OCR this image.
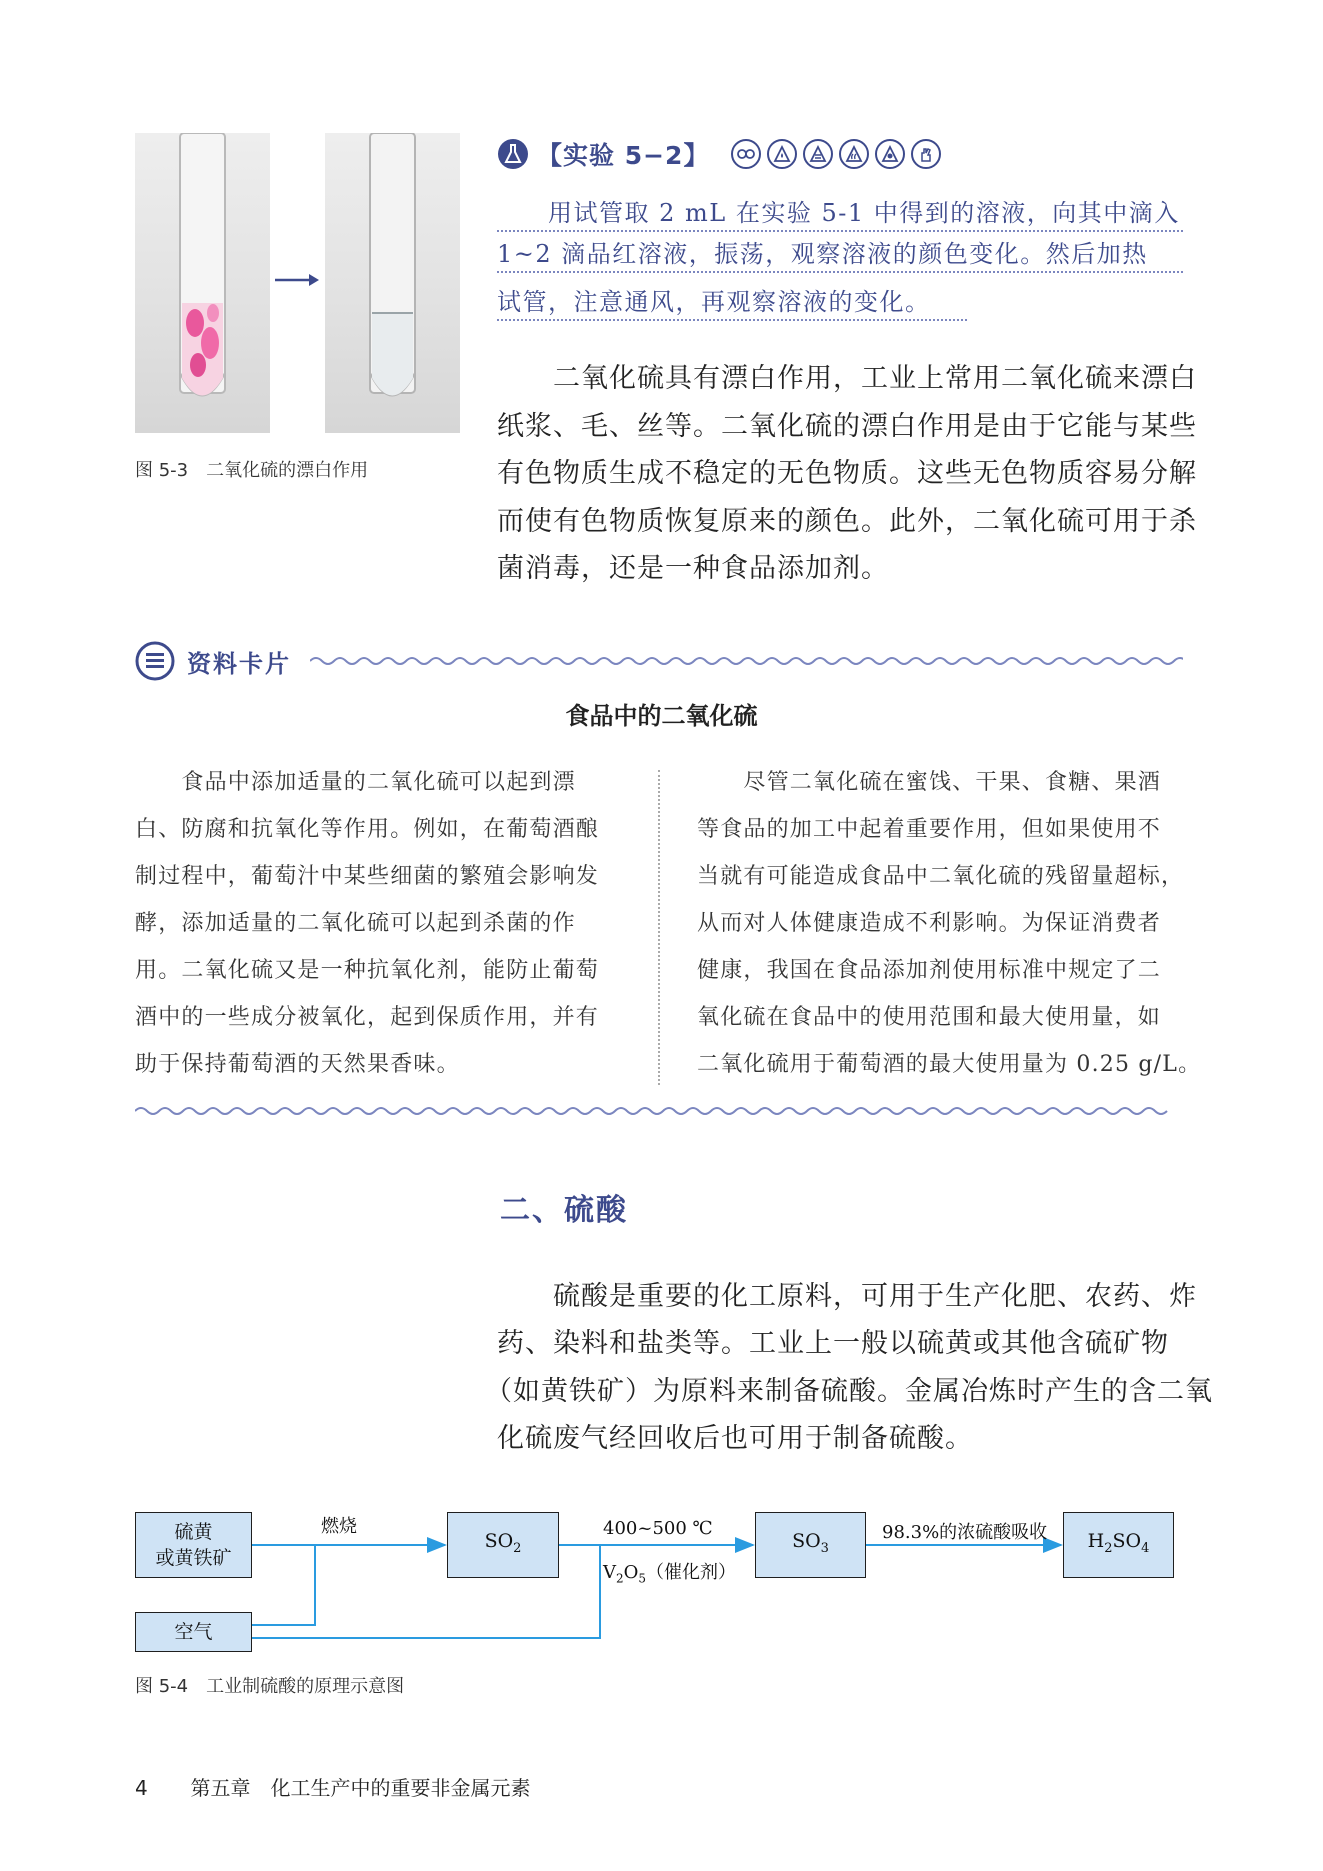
图 5-3　二氧化硫的漂白作用
【实验 5−2】
　　用试管取 2 mL 在实验 5-1 中得到的溶液，向其中滴入
1~2 滴品红溶液，振荡，观察溶液的颜色变化。然后加热
试管，注意通风，再观察溶液的变化。
　　二氧化硫具有漂白作用，工业上常用二氧化硫来漂白
纸浆、毛、丝等。二氧化硫的漂白作用是由于它能与某些
有色物质生成不稳定的无色物质。这些无色物质容易分解
而使有色物质恢复原来的颜色。此外，二氧化硫可用于杀
菌消毒，还是一种食品添加剂。
资料卡片
食品中的二氧化硫
　　食品中添加适量的二氧化硫可以起到漂
白、防腐和抗氧化等作用。例如，在葡萄酒酿
制过程中，葡萄汁中某些细菌的繁殖会影响发
酵，添加适量的二氧化硫可以起到杀菌的作
用。二氧化硫又是一种抗氧化剂，能防止葡萄
酒中的一些成分被氧化，起到保质作用，并有
助于保持葡萄酒的天然果香味。
　　尽管二氧化硫在蜜饯、干果、食糖、果酒
等食品的加工中起着重要作用，但如果使用不
当就有可能造成食品中二氧化硫的残留量超标，
从而对人体健康造成不利影响。为保证消费者
健康，我国在食品添加剂使用标准中规定了二
氧化硫在食品中的使用范围和最大使用量，如
二氧化硫用于葡萄酒的最大使用量为 0.25 g/L。
二、硫酸
　　硫酸是重要的化工原料，可用于生产化肥、农药、炸
药、染料和盐类等。工业上一般以硫黄或其他含硫矿物
（如黄铁矿）为原料来制备硫酸。金属冶炼时产生的含二氧
化硫废气经回收后也可用于制备硫酸。
硫黄
或黄铁矿
空气
$SO_2$	$SO_3$	$H_2SO_4$
燃烧	400~500 ℃
$V_2O_5$（催化剂）
98.3%的浓硫酸吸收
图 5-4　工业制硫酸的原理示意图
4 第五章　化工生产中的重要非金属元素
